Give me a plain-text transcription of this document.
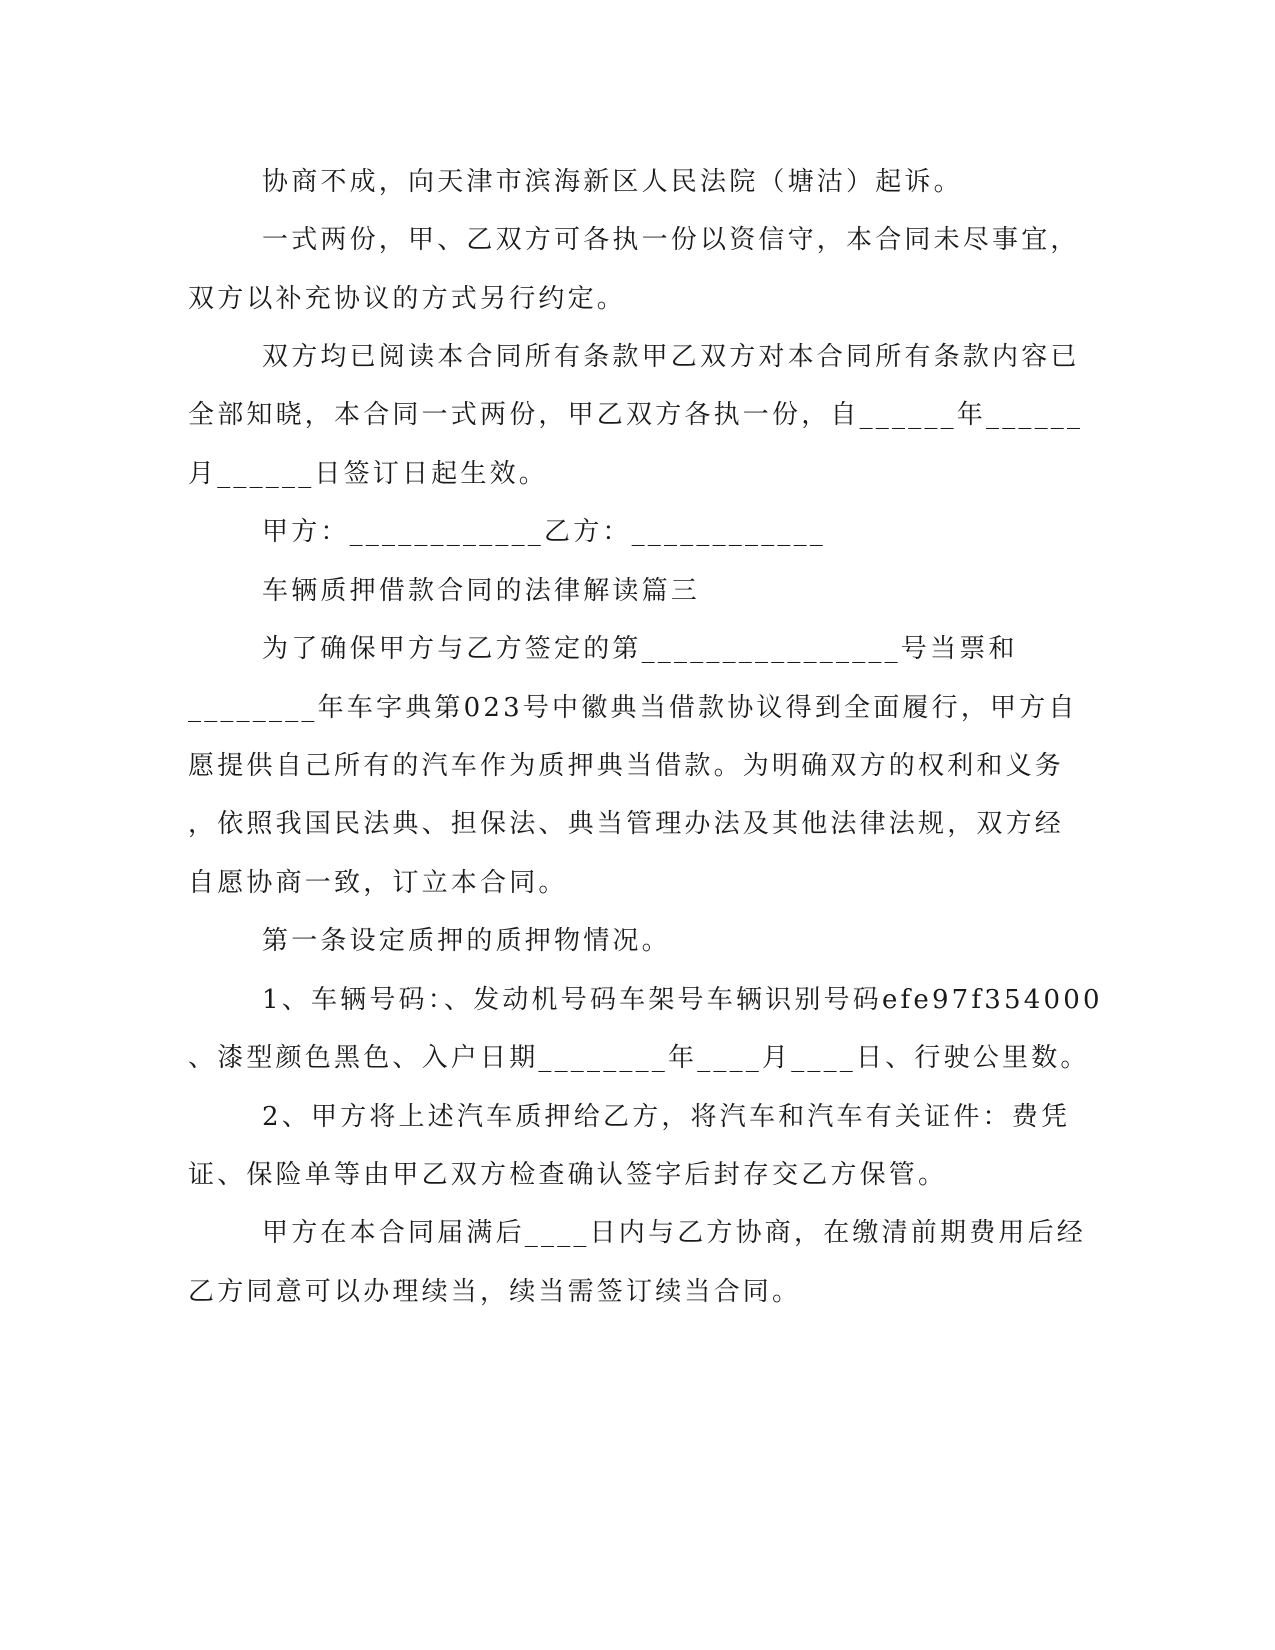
协商不成，向天津市滨海新区人民法院（塘沽）起诉。
一式两份，甲、乙双方可各执一份以资信守，本合同未尽事宜，
双方以补充协议的方式另行约定。
双方均已阅读本合同所有条款甲乙双方对本合同所有条款内容已
全部知晓，本合同一式两份，甲乙双方各执一份，自______年______
月______日签订日起生效。
甲方：____________乙方：____________
车辆质押借款合同的法律解读篇三
为了确保甲方与乙方签定的第________________号当票和
________年车字典第023号中徽典当借款协议得到全面履行，甲方自
愿提供自己所有的汽车作为质押典当借款。为明确双方的权利和义务
，依照我国民法典、担保法、典当管理办法及其他法律法规，双方经
自愿协商一致，订立本合同。
第一条设定质押的质押物情况。
1、车辆号码：、发动机号码车架号车辆识别号码efe97f354000
、漆型颜色黑色、入户日期________年____月____日、行驶公里数。
2、甲方将上述汽车质押给乙方，将汽车和汽车有关证件：费凭
证、保险单等由甲乙双方检查确认签字后封存交乙方保管。
甲方在本合同届满后____日内与乙方协商，在缴清前期费用后经
乙方同意可以办理续当，续当需签订续当合同。
